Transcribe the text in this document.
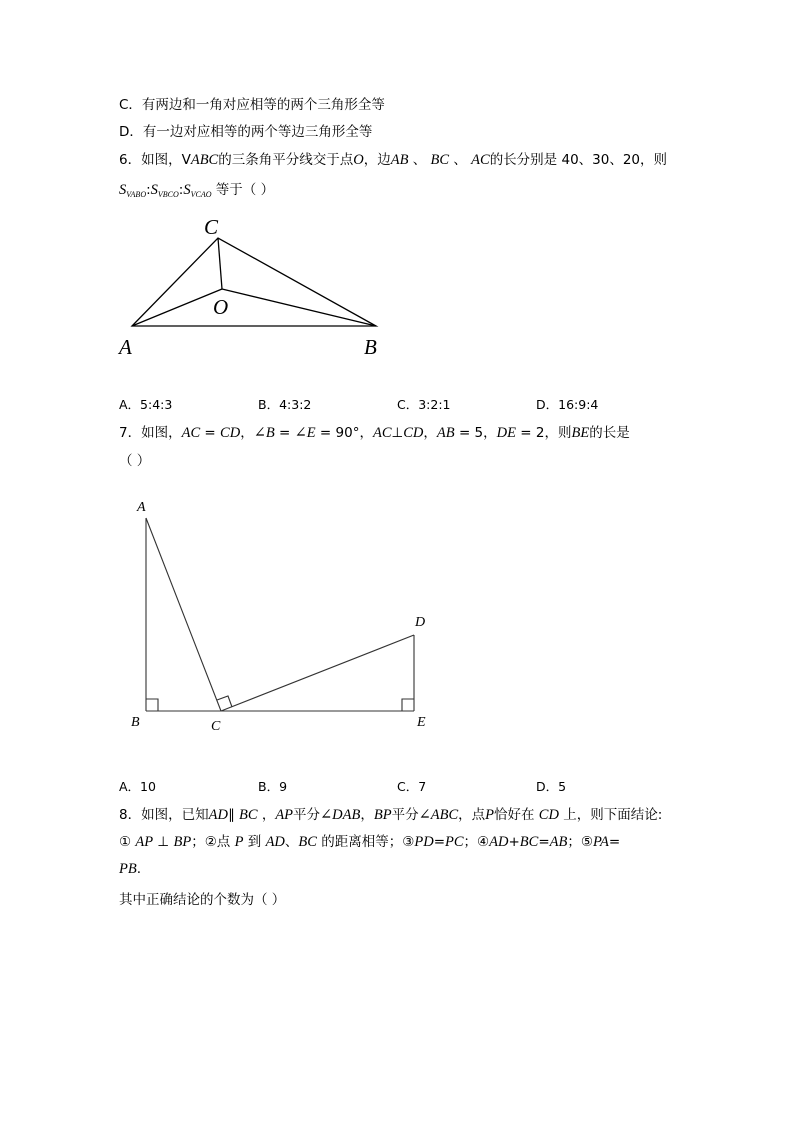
C．有两边和一角对应相等的两个三角形全等
D．有一边对应相等的两个等边三角形全等
6．如图，VABC的三条角平分线交于点O，边AB 、 BC 、 AC的长分别是 40、30、20，则
$S_{VABO}:S_{VBCO}:S_{VCAO}$ 等于（ ）
A	B
C
O
A
B	C
D
E
A．5:4:3	B．4:3:2	C．3:2:1	D．16:9:4
7．如图，AC = CD，∠B = ∠E = 90°，AC⊥CD，AB = 5，DE = 2，则BE的长是
（ ）
A．10	B．9	C．7	D．5
8．如图，已知AD∥ BC ，AP平分∠DAB，BP平分∠ABC，点P恰好在 CD 上，则下面结论:
① AP ⊥ BP；②点 P 到 AD、BC 的距离相等；③PD=PC；④AD+BC=AB；⑤PA=
PB.
其中正确结论的个数为（ ）
